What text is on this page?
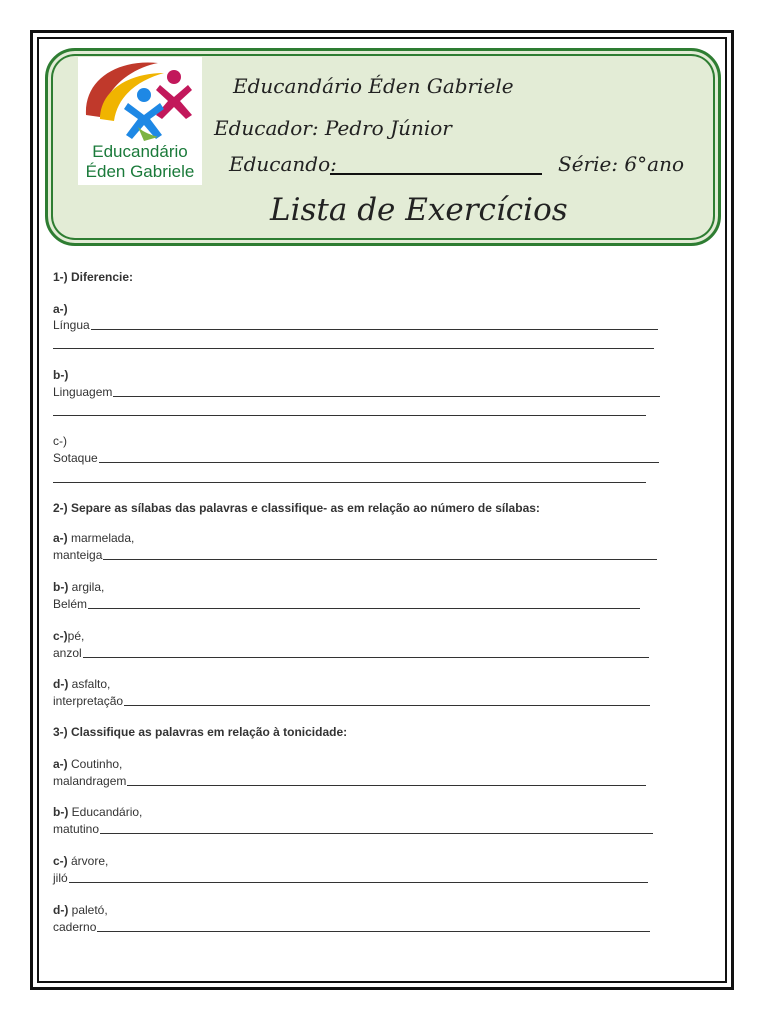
Educandário
Éden Gabriele
Educandário Éden Gabriele
Educador: Pedro Júnior
Educando:	Série: 6°ano
Lista de Exercícios
1-) Diferencie:
a-)
Língua
b-)
Linguagem
c-)
Sotaque
2-) Separe as sílabas das palavras e classifique- as em relação ao número de sílabas:
a-) marmelada,
manteiga
b-) argila,
Belém
c-)pé,
anzol
d-) asfalto,
interpretação
3-) Classifique as palavras em relação à tonicidade:
a-) Coutinho,
malandragem
b-) Educandário,
matutino
c-) árvore,
jiló
d-) paletó,
caderno
